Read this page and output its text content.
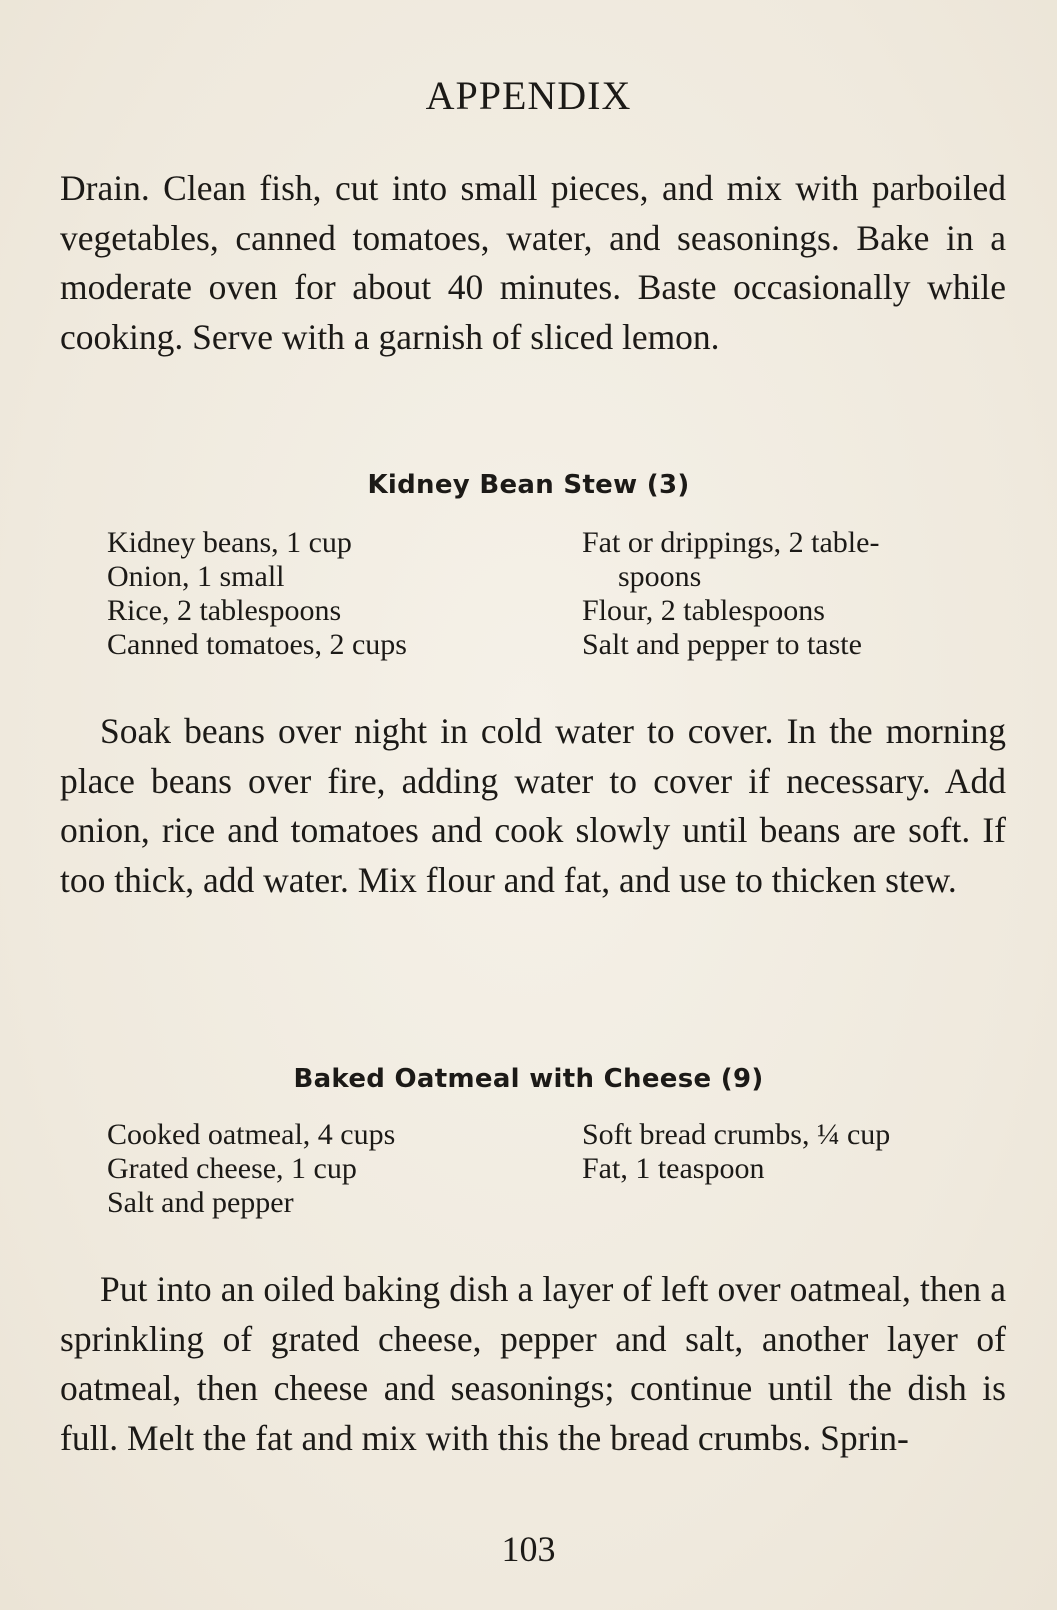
APPENDIX
Drain. Clean fish, cut into small pieces, and mix with parboiled vegetables, canned tomatoes, water, and seasonings. Bake in a moderate oven for about 40 minutes. Baste occasionally while cooking. Serve with a garnish of sliced lemon.
Kidney Bean Stew (3)
Kidney beans, 1 cup
Onion, 1 small
Rice, 2 tablespoons
Canned tomatoes, 2 cups
Fat or drippings, 2 table-
spoons
Flour, 2 tablespoons
Salt and pepper to taste
Soak beans over night in cold water to cover. In the morning place beans over fire, adding water to cover if necessary. Add onion, rice and tomatoes and cook slowly until beans are soft. If too thick, add water. Mix flour and fat, and use to thicken stew.
Baked Oatmeal with Cheese (9)
Cooked oatmeal, 4 cups
Grated cheese, 1 cup
Salt and pepper
Soft bread crumbs, ¼ cup
Fat, 1 teaspoon
Put into an oiled baking dish a layer of left over oatmeal, then a sprinkling of grated cheese, pepper and salt, another layer of oatmeal, then cheese and seasonings; continue until the dish is full. Melt the fat and mix with this the bread crumbs. Sprin-
103
